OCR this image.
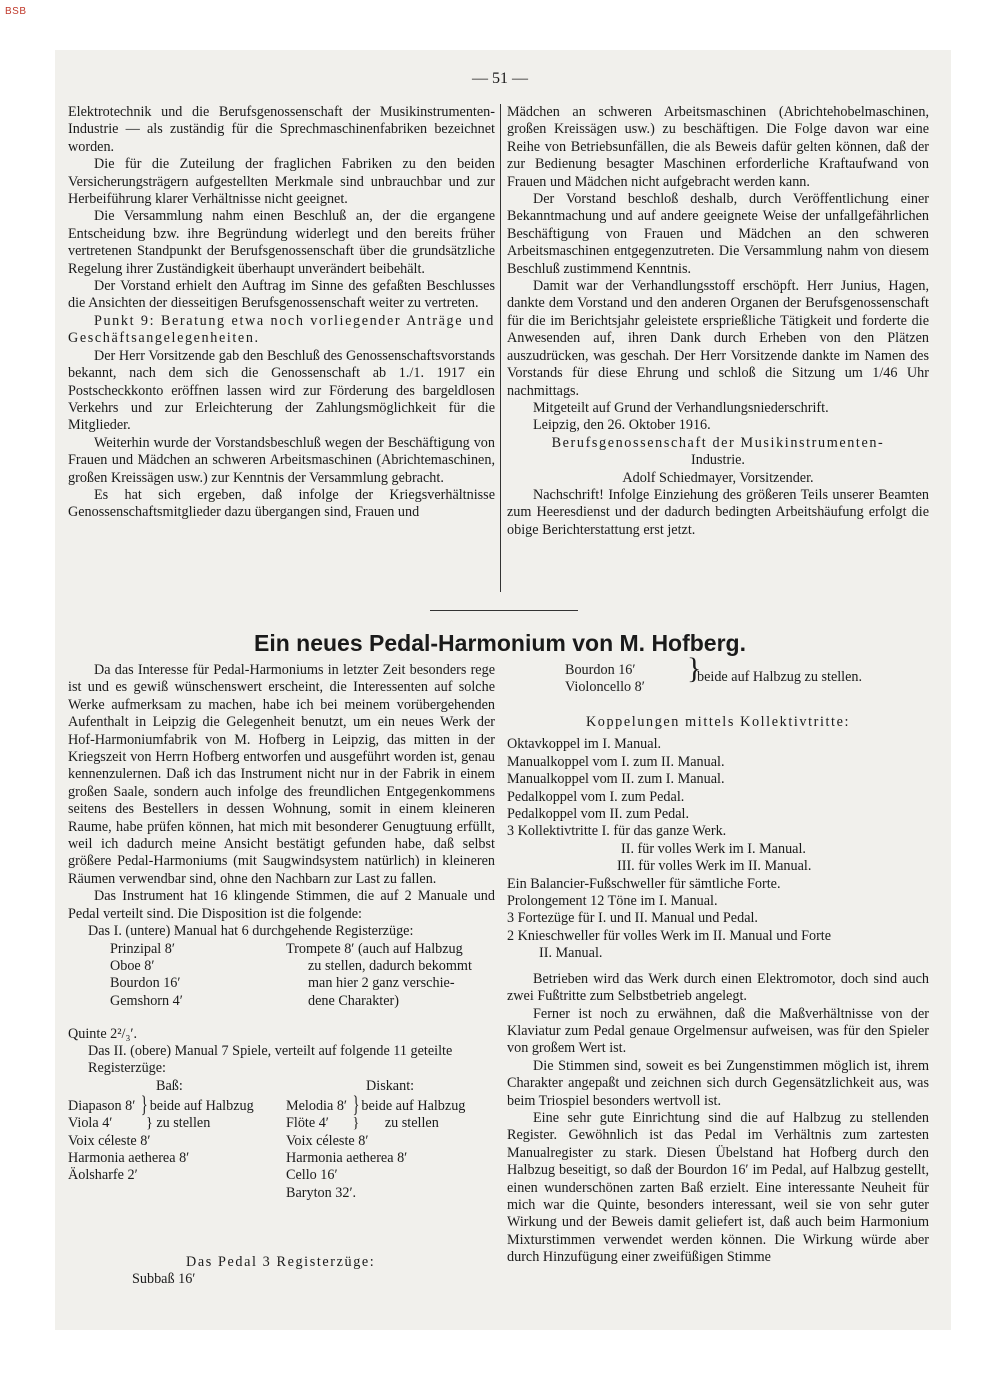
BSB
— 51 —

Elektrotechnik und die Berufsgenossenschaft der Musikinstrumenten-Industrie — als zuständig für die Sprechmaschinenfabriken bezeichnet worden.

Die für die Zuteilung der fraglichen Fabriken zu den beiden Versicherungsträgern aufgestellten Merkmale sind unbrauchbar und zur Herbeiführung klarer Verhältnisse nicht geeignet.

Die Versammlung nahm einen Beschluß an, der die ergangene Entscheidung bzw. ihre Begründung widerlegt und den bereits früher vertretenen Standpunkt der Berufsgenossenschaft über die grundsätzliche Regelung ihrer Zuständigkeit überhaupt unverändert beibehält.

Der Vorstand erhielt den Auftrag im Sinne des gefaßten Beschlusses die Ansichten der diesseitigen Berufsgenossenschaft weiter zu vertreten.

Punkt 9: Beratung etwa noch vorliegender Anträge und Geschäftsangelegenheiten.

Der Herr Vorsitzende gab den Beschluß des Genossenschaftsvorstands bekannt, nach dem sich die Genossenschaft ab 1./1. 1917 ein Postscheckkonto eröffnen lassen wird zur Förderung des bargeldlosen Verkehrs und zur Erleichterung der Zahlungsmöglichkeit für die Mitglieder.

Weiterhin wurde der Vorstandsbeschluß wegen der Beschäftigung von Frauen und Mädchen an schweren Arbeitsmaschinen (Abrichtemaschinen, großen Kreissägen usw.) zur Kenntnis der Versammlung gebracht.

Es hat sich ergeben, daß infolge der Kriegsverhältnisse Genossenschaftsmitglieder dazu übergangen sind, Frauen und

Mädchen an schweren Arbeitsmaschinen (Abrichtehobelmaschinen, großen Kreissägen usw.) zu beschäftigen. Die Folge davon war eine Reihe von Betriebsunfällen, die als Beweis dafür gelten können, daß der zur Bedienung besagter Maschinen erforderliche Kraftaufwand von Frauen und Mädchen nicht aufgebracht werden kann.

Der Vorstand beschloß deshalb, durch Veröffentlichung einer Bekanntmachung und auf andere geeignete Weise der unfallgefährlichen Beschäftigung von Frauen und Mädchen an den schweren Arbeitsmaschinen entgegenzutreten. Die Versammlung nahm von diesem Beschluß zustimmend Kenntnis.

Damit war der Verhandlungsstoff erschöpft. Herr Junius, Hagen, dankte dem Vorstand und den anderen Organen der Berufsgenossenschaft für die im Berichtsjahr geleistete ersprießliche Tätigkeit und forderte die Anwesenden auf, ihren Dank durch Erheben von den Plätzen auszudrücken, was geschah. Der Herr Vorsitzende dankte im Namen des Vorstands für diese Ehrung und schloß die Sitzung um 1/46 Uhr nachmittags.

Mitgeteilt auf Grund der Verhandlungsniederschrift.

Leipzig, den 26. Oktober 1916.

Berufsgenossenschaft der Musikinstrumenten-

Industrie.

Adolf Schiedmayer, Vorsitzender.

Nachschrift! Infolge Einziehung des größeren Teils unserer Beamten zum Heeresdienst und der dadurch bedingten Arbeitshäufung erfolgt die obige Berichterstattung erst jetzt.

Ein neues Pedal-Harmonium von M. Hofberg.

Da das Interesse für Pedal-Harmoniums in letzter Zeit besonders rege ist und es gewiß wünschenswert erscheint, die Interessenten auf solche Werke aufmerksam zu machen, habe ich bei meinem vorübergehenden Aufenthalt in Leipzig die Gelegenheit benutzt, um ein neues Werk der Hof-Harmoniumfabrik von M. Hofberg in Leipzig, das mitten in der Kriegszeit von Herrn Hofberg entworfen und ausgeführt worden ist, genau kennenzulernen. Daß ich das Instrument nicht nur in der Fabrik in einem großen Saale, sondern auch infolge des freundlichen Entgegenkommens seitens des Bestellers in dessen Wohnung, somit in einem kleineren Raume, habe prüfen können, hat mich mit besonderer Genugtuung erfüllt, weil ich dadurch meine Ansicht bestätigt gefunden habe, daß selbst größere Pedal-Harmoniums (mit Saugwindsystem natürlich) in kleineren Räumen verwendbar sind, ohne den Nachbarn zur Last zu fallen.

Das Instrument hat 16 klingende Stimmen, die auf 2 Manuale und Pedal verteilt sind. Die Disposition ist die folgende:

Das I. (untere) Manual hat 6 durchgehende Registerzüge:

Prinzipal 8′
Oboe 8′
Bourdon 16′
Gemshorn 4′
Trompete 8′ (auch auf Halbzug
zu stellen, dadurch bekommt
man hier 2 ganz verschie-
dene Charakter)

Quinte 2²/₃′.

Das II. (obere) Manual 7 Spiele, verteilt auf folgende 11 geteilte Registerzüge:

Baß:	Diskant:
Diapason 8′ } beide auf Halbzug
Viola 4′ } zu stellen
Voix céleste 8′
Harmonia aetherea 8′
Äolsharfe 2′
Melodia 8′ } beide auf Halbzug
Flöte 4′ } zu stellen
Voix céleste 8′
Harmonia aetherea 8′
Cello 16′
Baryton 32′.

Das Pedal 3 Registerzüge:

Subbaß 16′

Bourdon 16′
Violoncello 8′
}
beide auf Halbzug zu stellen.

Koppelungen mittels Kollektivtritte:

Oktavkoppel im I. Manual.
Manualkoppel vom I. zum II. Manual.
Manualkoppel vom II. zum I. Manual.
Pedalkoppel vom I. zum Pedal.
Pedalkoppel vom II. zum Pedal.
3 Kollektivtritte I. für das ganze Werk.
II. für volles Werk im I. Manual.
III. für volles Werk im II. Manual.
Ein Balancier-Fußschweller für sämtliche Forte.
Prolongement 12 Töne im I. Manual.
3 Fortezüge für I. und II. Manual und Pedal.
2 Knieschweller für volles Werk im II. Manual und Forte
II. Manual.

Betrieben wird das Werk durch einen Elektromotor, doch sind auch zwei Fußtritte zum Selbstbetrieb angelegt.

Ferner ist noch zu erwähnen, daß die Maßverhältnisse von der Klaviatur zum Pedal genaue Orgelmensur aufweisen, was für den Spieler von großem Wert ist.

Die Stimmen sind, soweit es bei Zungenstimmen möglich ist, ihrem Charakter angepaßt und zeichnen sich durch Gegensätzlichkeit aus, was beim Triospiel besonders wertvoll ist.

Eine sehr gute Einrichtung sind die auf Halbzug zu stellenden Register. Gewöhnlich ist das Pedal im Verhältnis zum zartesten Manualregister zu stark. Diesen Übelstand hat Hofberg durch den Halbzug beseitigt, so daß der Bourdon 16′ im Pedal, auf Halbzug gestellt, einen wunderschönen zarten Baß erzielt. Eine interessante Neuheit für mich war die Quinte, besonders interessant, weil sie von sehr guter Wirkung und der Beweis damit geliefert ist, daß auch beim Harmonium Mixturstimmen verwendet werden können. Die Wirkung würde aber durch Hinzufügung einer zweifüßigen Stimme
